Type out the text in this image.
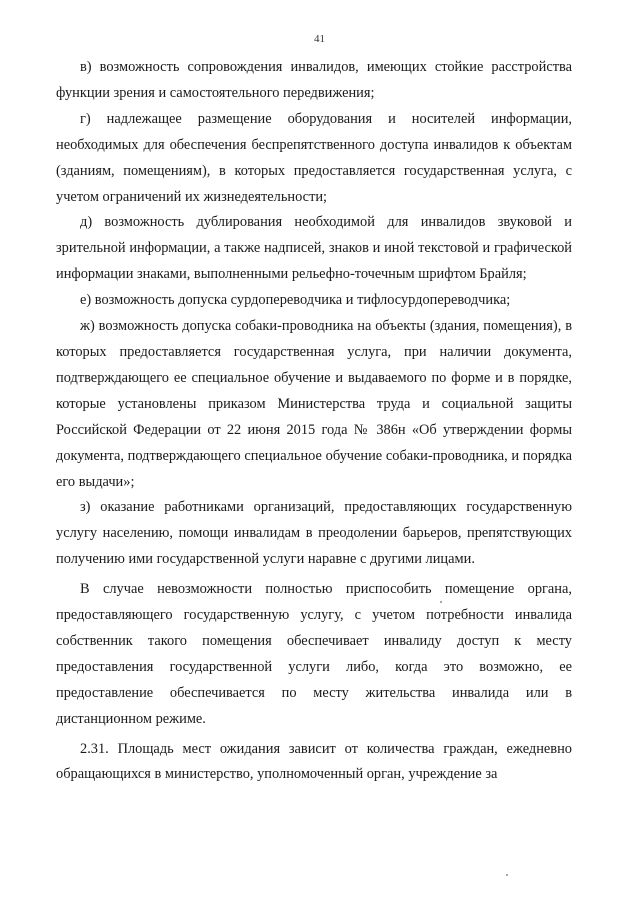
41

в) возможность сопровождения инвалидов, имеющих стойкие расстройства функции зрения и самостоятельного передвижения;

г) надлежащее размещение оборудования и носителей информации, необходимых для обеспечения беспрепятственного доступа инвалидов к объектам (зданиям, помещениям), в которых предоставляется государственная услуга, с учетом ограничений их жизнедеятельности;

д) возможность дублирования необходимой для инвалидов звуковой и зрительной информации, а также надписей, знаков и иной текстовой и графической информации знаками, выполненными рельефно-точечным шрифтом Брайля;

е) возможность допуска сурдопереводчика и тифлосурдопереводчика;

ж) возможность допуска собаки-проводника на объекты (здания, помещения), в которых предоставляется государственная услуга, при наличии документа, подтверждающего ее специальное обучение и выдаваемого по форме и в порядке, которые установлены приказом Министерства труда и социальной защиты Российской Федерации от 22 июня 2015 года № 386н «Об утверждении формы документа, подтверждающего специальное обучение собаки-проводника, и порядка его выдачи»;

з) оказание работниками организаций, предоставляющих государственную услугу населению, помощи инвалидам в преодолении барьеров, препятствующих получению ими государственной услуги наравне с другими лицами.

В случае невозможности полностью приспособить помещение органа, предоставляющего государственную услугу, с учетом потребности инвалида собственник такого помещения обеспечивает инвалиду доступ к месту предоставления государственной услуги либо, когда это возможно, ее предоставление обеспечивается по месту жительства инвалида или в дистанционном режиме.

2.31. Площадь мест ожидания зависит от количества граждан, ежедневно обращающихся в министерство, уполномоченный орган, учреждение за
